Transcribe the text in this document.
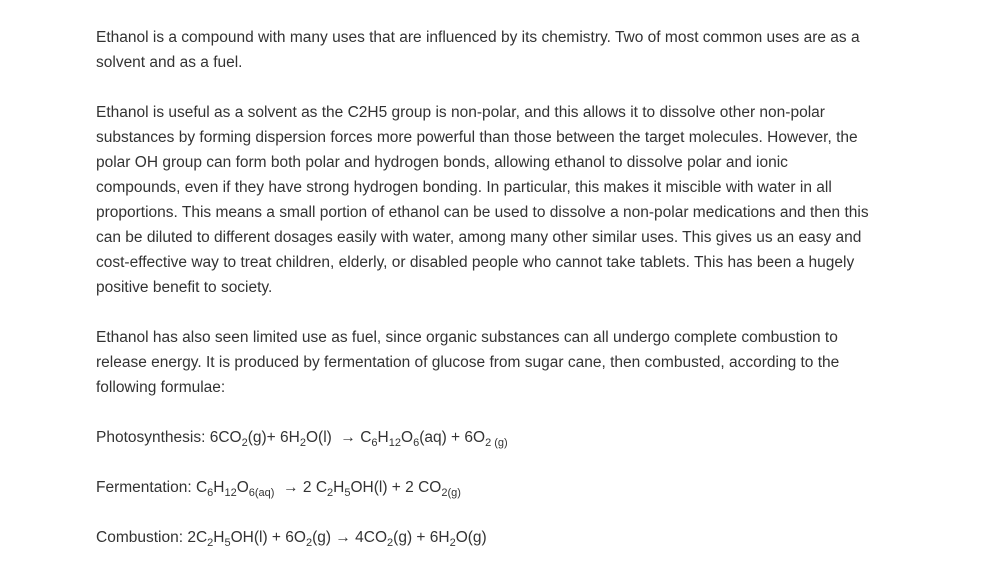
Ethanol is a compound with many uses that are influenced by its chemistry. Two of most common uses are as a solvent and as a fuel.

Ethanol is useful as a solvent as the C2H5 group is non-polar, and this allows it to dissolve other non-polar substances by forming dispersion forces more powerful than those between the target molecules. However, the polar OH group can form both polar and hydrogen bonds, allowing ethanol to dissolve polar and ionic compounds, even if they have strong hydrogen bonding. In particular, this makes it miscible with water in all proportions. This means a small portion of ethanol can be used to dissolve a non-polar medications and then this can be diluted to different dosages easily with water, among many other similar uses. This gives us an easy and cost-effective way to treat children, elderly, or disabled people who cannot take tablets. This has been a hugely positive benefit to society.

Ethanol has also seen limited use as fuel, since organic substances can all undergo complete combustion to release energy. It is produced by fermentation of glucose from sugar cane, then combusted, according to the following formulae:

Photosynthesis: $6CO_2(g)+ 6H_2O(l) \to C_6H_{12}O_6(aq) + 6O_{2 (g)}$

Fermentation: $C_6H_{12}O_{6(aq)} \to 2$ $C_2H_5OH(l) + 2$ $CO_{2(g)}$

Combustion: $2C_2H_5OH(l) + 6O_2(g) \to 4CO_2(g) + 6H_2O(g)$
